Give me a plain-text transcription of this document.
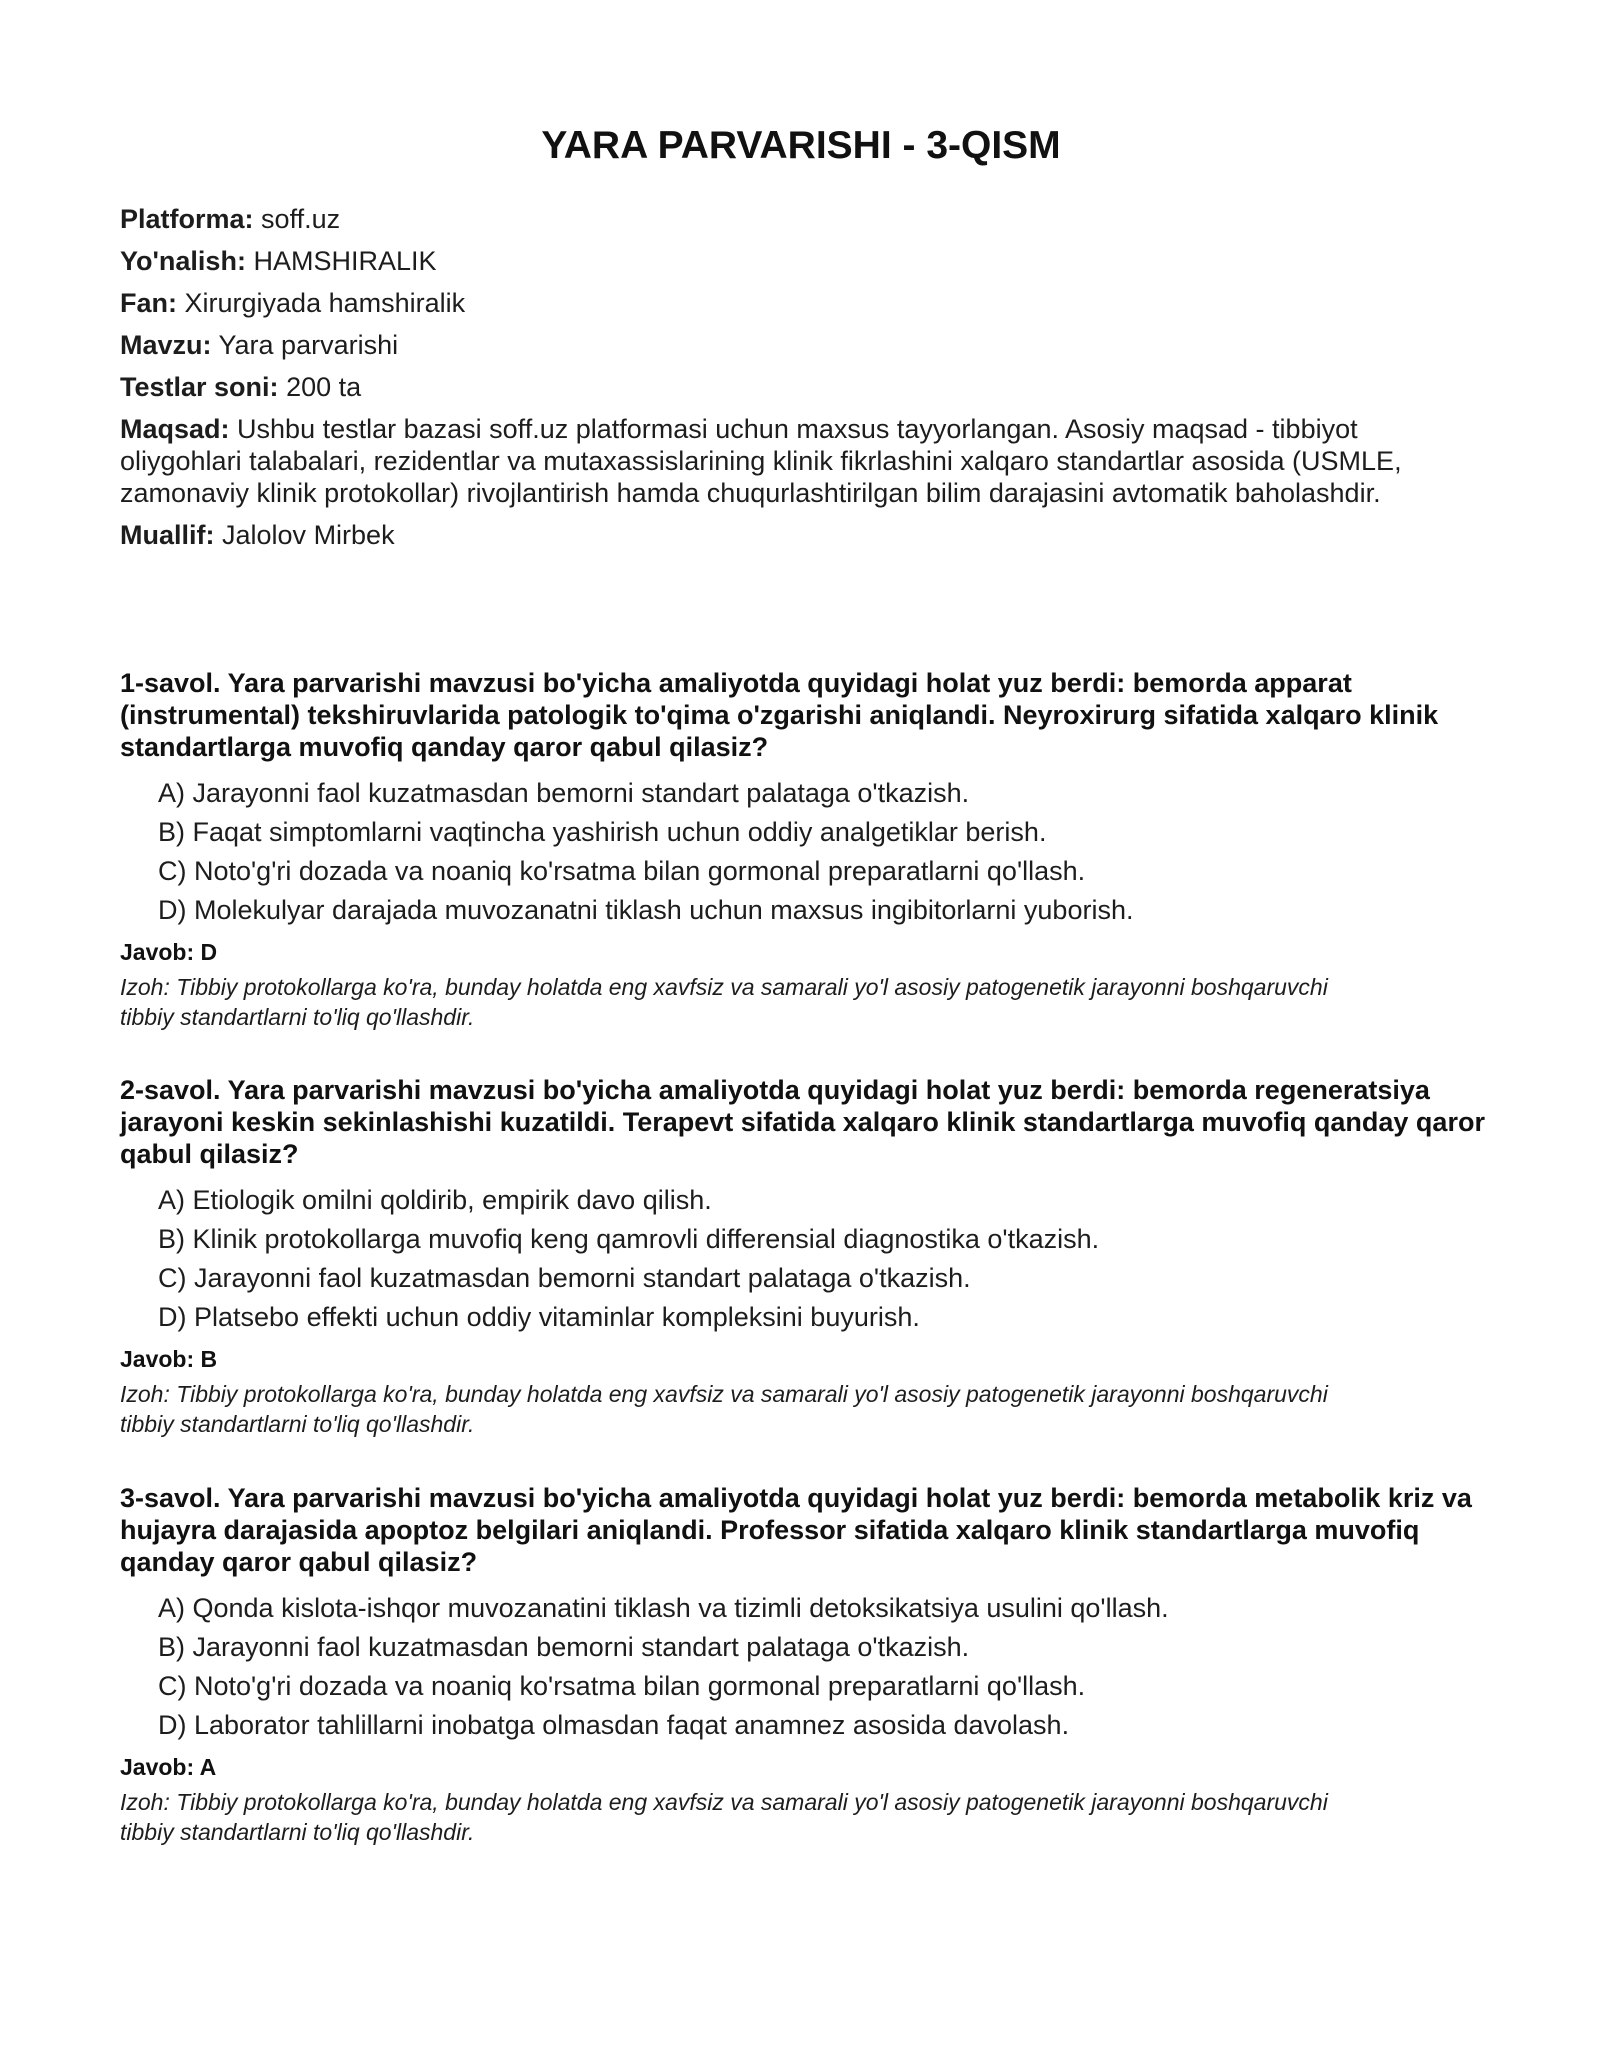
YARA PARVARISHI - 3-QISM

Platforma: soff.uz

Yo'nalish: HAMSHIRALIK

Fan: Xirurgiyada hamshiralik

Mavzu: Yara parvarishi

Testlar soni: 200 ta

Maqsad: Ushbu testlar bazasi soff.uz platformasi uchun maxsus tayyorlangan. Asosiy maqsad - tibbiyot oliygohlari talabalari, rezidentlar va mutaxassislarining klinik fikrlashini xalqaro standartlar asosida (USMLE, zamonaviy klinik protokollar) rivojlantirish hamda chuqurlashtirilgan bilim darajasini avtomatik baholashdir.

Muallif: Jalolov Mirbek

1-savol. Yara parvarishi mavzusi bo'yicha amaliyotda quyidagi holat yuz berdi: bemorda apparat (instrumental) tekshiruvlarida patologik to'qima o'zgarishi aniqlandi. Neyroxirurg sifatida xalqaro klinik standartlarga muvofiq qanday qaror qabul qilasiz?

A) Jarayonni faol kuzatmasdan bemorni standart palataga o'tkazish.
B) Faqat simptomlarni vaqtincha yashirish uchun oddiy analgetiklar berish.
C) Noto'g'ri dozada va noaniq ko'rsatma bilan gormonal preparatlarni qo'llash.
D) Molekulyar darajada muvozanatni tiklash uchun maxsus ingibitorlarni yuborish.

Javob: D

Izoh: Tibbiy protokollarga ko'ra, bunday holatda eng xavfsiz va samarali yo'l asosiy patogenetik jarayonni boshqaruvchi tibbiy standartlarni to'liq qo'llashdir.

2-savol. Yara parvarishi mavzusi bo'yicha amaliyotda quyidagi holat yuz berdi: bemorda regeneratsiya jarayoni keskin sekinlashishi kuzatildi. Terapevt sifatida xalqaro klinik standartlarga muvofiq qanday qaror qabul qilasiz?

A) Etiologik omilni qoldirib, empirik davo qilish.
B) Klinik protokollarga muvofiq keng qamrovli differensial diagnostika o'tkazish.
C) Jarayonni faol kuzatmasdan bemorni standart palataga o'tkazish.
D) Platsebo effekti uchun oddiy vitaminlar kompleksini buyurish.

Javob: B

Izoh: Tibbiy protokollarga ko'ra, bunday holatda eng xavfsiz va samarali yo'l asosiy patogenetik jarayonni boshqaruvchi tibbiy standartlarni to'liq qo'llashdir.

3-savol. Yara parvarishi mavzusi bo'yicha amaliyotda quyidagi holat yuz berdi: bemorda metabolik kriz va hujayra darajasida apoptoz belgilari aniqlandi. Professor sifatida xalqaro klinik standartlarga muvofiq qanday qaror qabul qilasiz?

A) Qonda kislota-ishqor muvozanatini tiklash va tizimli detoksikatsiya usulini qo'llash.
B) Jarayonni faol kuzatmasdan bemorni standart palataga o'tkazish.
C) Noto'g'ri dozada va noaniq ko'rsatma bilan gormonal preparatlarni qo'llash.
D) Laborator tahlillarni inobatga olmasdan faqat anamnez asosida davolash.

Javob: A

Izoh: Tibbiy protokollarga ko'ra, bunday holatda eng xavfsiz va samarali yo'l asosiy patogenetik jarayonni boshqaruvchi tibbiy standartlarni to'liq qo'llashdir.
